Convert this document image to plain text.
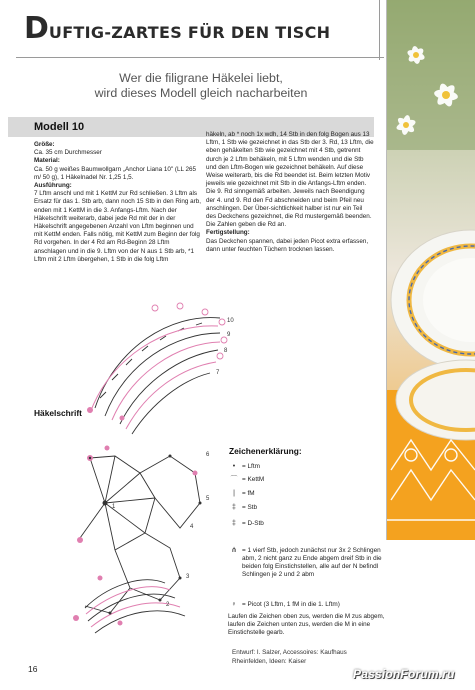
DUFTIG-ZARTES FÜR DEN TISCH
Wer die filigrane Häkelei liebt,
wird dieses Modell gleich nacharbeiten
Modell 10
Größe:
Ca. 35 cm Durchmesser
Material:
Ca. 50 g weißes Baumwollgarn „Anchor Liana 10" (LL 265 m/ 50 g), 1 Häkelnadel Nr. 1,25 1,5.
Ausführung:
7 Lftm anschl und mit 1 KettM zur Rd schließen. 3 Lftm als Ersatz für das 1. Stb arb, dann noch 15 Stb in den Ring arb, enden mit 1 KettM in die 3. Anfangs-Lftm. Nach der Häkelschrift weiterarb, dabei jede Rd mit der in der Häkelschrift angegebenen Anzahl von Lftm beginnen und mit KettM enden. Falls nötig, mit KettM zum Beginn der folg Rd vorgehen. In der 4 Rd am Rd-Beginn 28 Lftm anschlagen und in die 9. Lftm von der N aus 1 Stb arb, *1 Lftm mit 2 Lftm übergehen, 1 Stb in die folg Lftm
häkeln, ab * noch 1x wdh, 14 Stb in den folg Bogen aus 13 Lftm, 1 Stb wie gezeichnet in das Stb der 3. Rd, 13 Lftm, die eben gehäkelten Stb wie gezeichnet mit 4 Stb, getrennt durch je 2 Lftm behäkeln, mit 5 Lftm wenden und die Stb und den Lftm-Bogen wie gezeichnet behäkeln. Auf diese Weise weiterarb, bis die Rd beendet ist. Beim letzten Motiv jeweils wie gezeichnet mit Stb in die Anfangs-Lftm enden. Die 9. Rd sinngemäß arbeiten. Jeweils nach Beendigung der 4. und 9. Rd den Fd abschneiden und beim Pfeil neu anschlingen. Der Über-sichtlichkeit halber ist nur ein Teil des Deckchens gezeichnet, die Rd mustergemäß beenden. Die Zahlen geben die Rd an.
Fertigstellung:
Das Deckchen spannen, dabei jeden Picot extra erfassen, dann unter feuchten Tüchern trocknen lassen.
Häkelschrift
10
9
8
7
6
5
4
3
2
1
Zeichenerklärung:
• = Lftm
⌒ = KettM
| = fM
‡ = Stb
‡ = D-Stb
⋔ = 1 vierf Stb, jedoch zunächst nur 3x 2 Schlingen abm, 2 nicht ganz zu Ende abgem dreif Stb in die beiden folg Einstichstellen, alle auf der N befindl Schlingen je 2 und 2 abm
♀ = Picot (3 Lftm, 1 fM in die 1. Lftm)
Laufen die Zeichen oben zus, werden die M zus abgem, laufen die Zeichen unten zus, werden die M in eine Einstichstelle gearb.
Entwurf: I. Salzer, Accessoires: Kaufhaus
Rheinfelden, Ideen: Kaiser
16	PassionForum.ru
